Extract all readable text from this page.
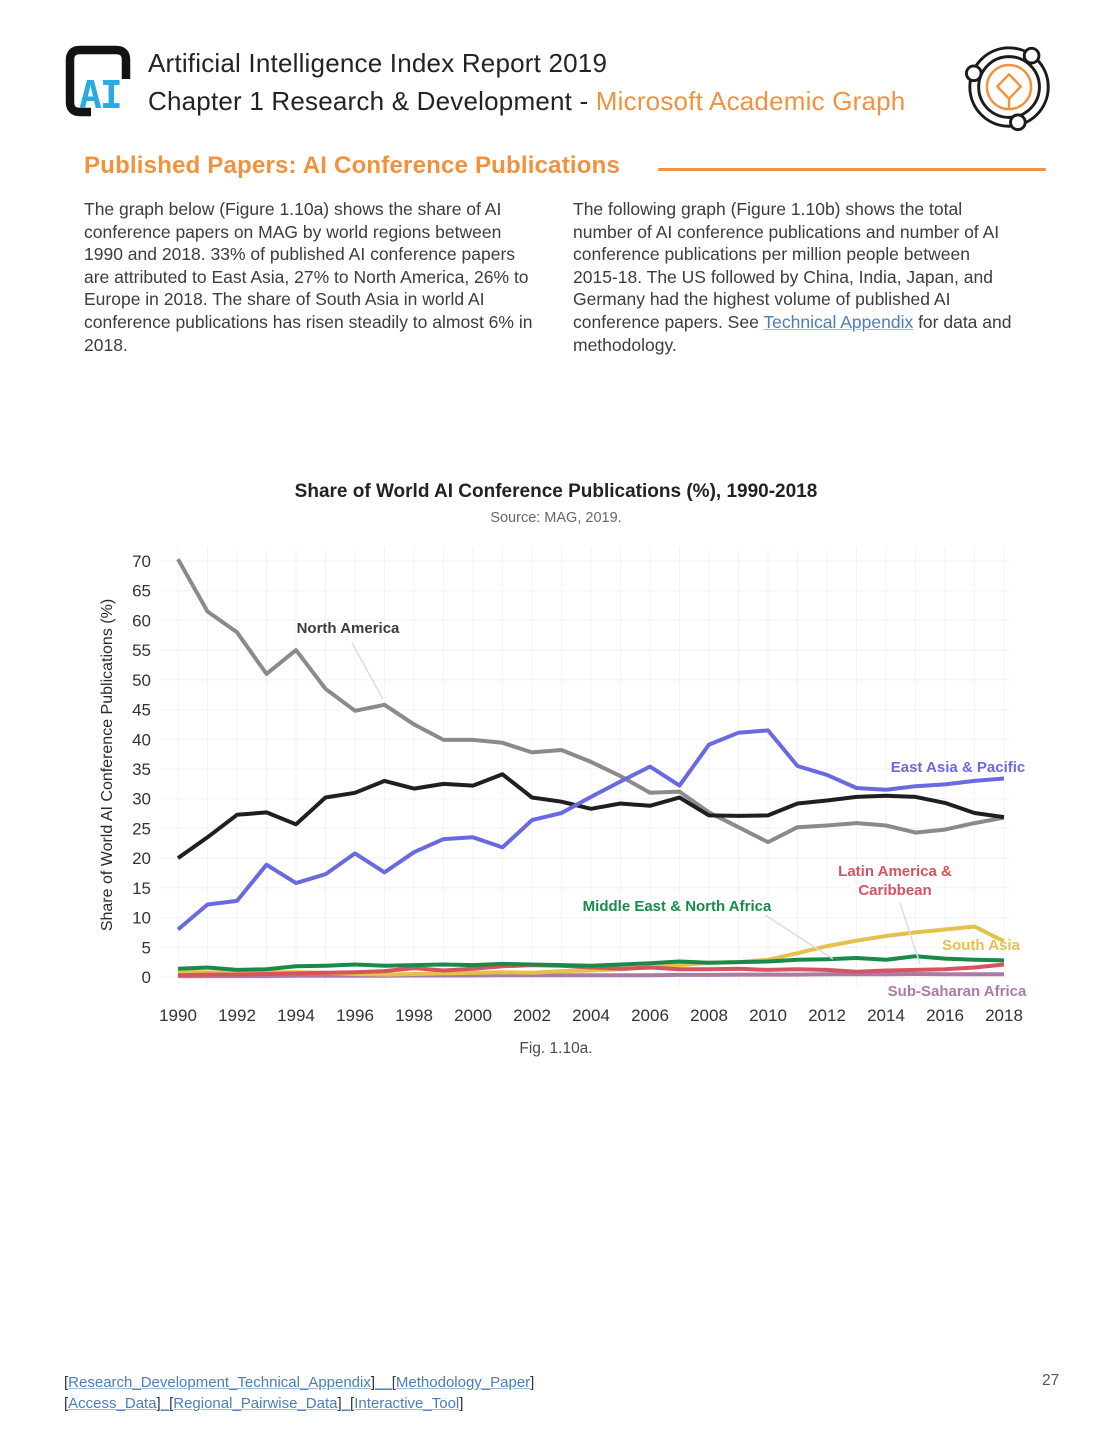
AI
Artificial Intelligence Index Report 2019
Chapter 1 Research & Development - Microsoft Academic Graph
Published Papers: AI Conference Publications
The graph below (Figure 1.10a) shows the share of AI conference papers on MAG by world regions between 1990 and 2018. 33% of published AI conference papers are attributed to East Asia, 27% to North America, 26% to Europe in 2018. The share of South Asia in world AI conference publications has risen steadily to almost 6% in 2018.
The following graph (Figure 1.10b) shows the total number of AI conference publications and number of AI conference publications per million people between 2015-18. The US followed by China, India, Japan, and Germany had the highest volume of published AI conference papers. See Technical Appendix for data and methodology.
Share of World AI Conference Publications (%), 1990-2018
Source: MAG, 2019.
0
5
10
15
20
25
30
35
40
45
50
55
60
65
70
1990 1992 1994 1996 1998 2000 2002 2004 2006 2008 2010 2012 2014 2016 2018
Share of World AI Conference Publications (%)	North America
East Asia & Pacific
Latin America &
Caribbean
Middle East & North Africa
South Asia
Sub-Saharan Africa
Fig. 1.10a.
[Research_Development_Technical_Appendix]__[Methodology_Paper]
[Access_Data]_[Regional_Pairwise_Data]_[Interactive_Tool]
27
